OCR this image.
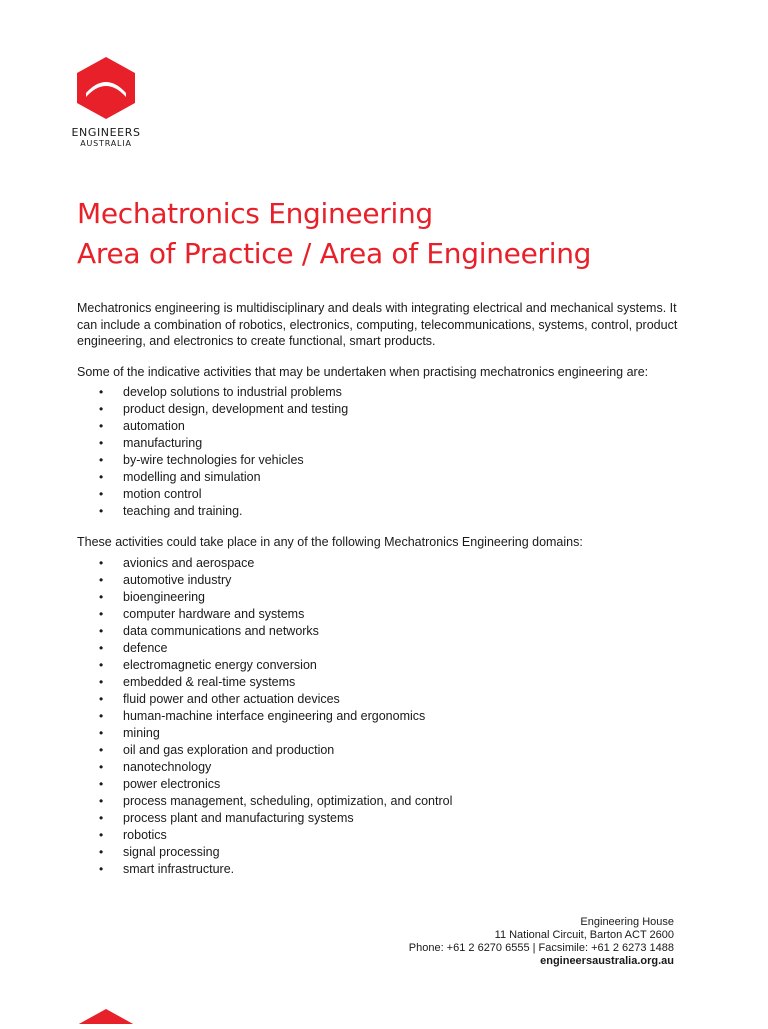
ENGINEERS
AUSTRALIA
Mechatronics Engineering
Area of Practice / Area of Engineering

Mechatronics engineering is multidisciplinary and deals with integrating electrical and mechanical systems. It can include a combination of robotics, electronics, computing, telecommunications, systems, control, product engineering, and electronics to create functional, smart products.

Some of the indicative activities that may be undertaken when practising mechatronics engineering are:

• develop solutions to industrial problems
• product design, development and testing
• automation
• manufacturing
• by-wire technologies for vehicles
• modelling and simulation
• motion control
• teaching and training.

These activities could take place in any of the following Mechatronics Engineering domains:

• avionics and aerospace
• automotive industry
• bioengineering
• computer hardware and systems
• data communications and networks
• defence
• electromagnetic energy conversion
• embedded & real-time systems
• fluid power and other actuation devices
• human-machine interface engineering and ergonomics
• mining
• oil and gas exploration and production
• nanotechnology
• power electronics
• process management, scheduling, optimization, and control
• process plant and manufacturing systems
• robotics
• signal processing
• smart infrastructure.
Engineering House
11 National Circuit, Barton ACT 2600
Phone: +61 2 6270 6555 | Facsimile: +61 2 6273 1488
engineersaustralia.org.au
